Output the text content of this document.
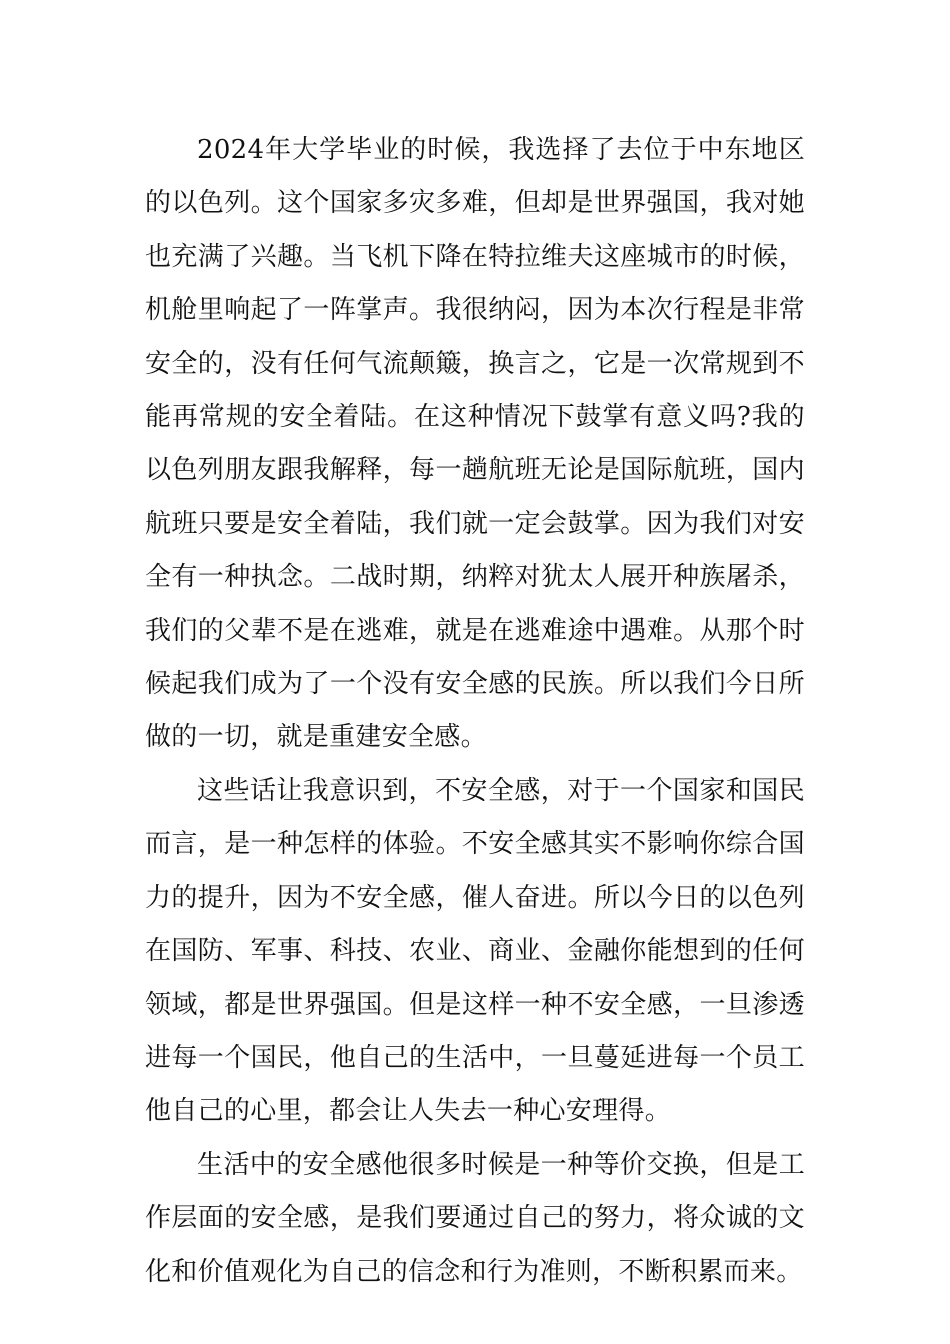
2024年大学毕业的时候，我选择了去位于中东地区的以色列。这个国家多灾多难，但却是世界强国，我对她也充满了兴趣。当飞机下降在特拉维夫这座城市的时候，机舱里响起了一阵掌声。我很纳闷，因为本次行程是非常安全的，没有任何气流颠簸，换言之，它是一次常规到不能再常规的安全着陆。在这种情况下鼓掌有意义吗?我的以色列朋友跟我解释，每一趟航班无论是国际航班，国内航班只要是安全着陆，我们就一定会鼓掌。因为我们对安全有一种执念。二战时期，纳粹对犹太人展开种族屠杀，我们的父辈不是在逃难，就是在逃难途中遇难。从那个时候起我们成为了一个没有安全感的民族。所以我们今日所做的一切，就是重建安全感。

这些话让我意识到，不安全感，对于一个国家和国民而言，是一种怎样的体验。不安全感其实不影响你综合国力的提升，因为不安全感，催人奋进。所以今日的以色列在国防、军事、科技、农业、商业、金融你能想到的任何领域，都是世界强国。但是这样一种不安全感，一旦渗透进每一个国民，他自己的生活中，一旦蔓延进每一个员工他自己的心里，都会让人失去一种心安理得。

生活中的安全感他很多时候是一种等价交换，但是工作层面的安全感，是我们要通过自己的努力，将众诚的文化和价值观化为自己的信念和行为准则，不断积累而来。
